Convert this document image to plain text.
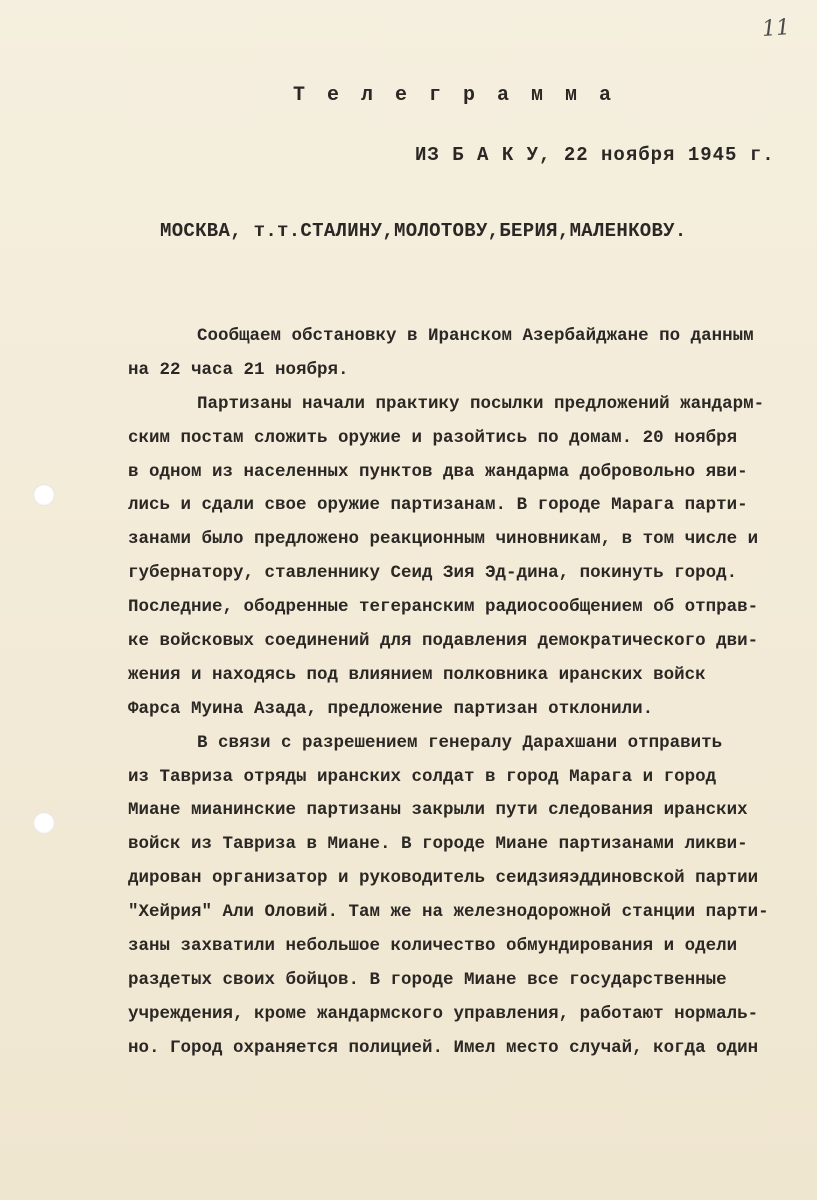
11
Т е л е г р а м м а
ИЗ Б А К У, 22 ноября 1945 г.
МОСКВА, т.т.СТАЛИНУ,МОЛОТОВУ,БЕРИЯ,МАЛЕНКОВУ.
Сообщаем обстановку в Иранском Азербайджане по данным
на 22 часа 21 ноября.
Партизаны начали практику посылки предложений жандарм-
ским постам сложить оружие и разойтись по домам. 20 ноября
в одном из населенных пунктов два жандарма добровольно яви-
лись и сдали свое оружие партизанам. В городе Марага парти-
занами было предложено реакционным чиновникам, в том числе и
губернатору, ставленнику Сеид Зия Эд-дина, покинуть город.
Последние, ободренные тегеранским радиосообщением об отправ-
ке войсковых соединений для подавления демократического дви-
жения и находясь под влиянием полковника иранских войск
Фарса Муина Азада, предложение партизан отклонили.
В связи с разрешением генералу Дарахшани отправить
из Тавриза отряды иранских солдат в город Марага и город
Миане мианинские партизаны закрыли пути следования иранских
войск из Тавриза в Миане. В городе Миане партизанами ликви-
дирован организатор и руководитель сеидзияэддиновской партии
"Хейрия" Али Оловий. Там же на железнодорожной станции парти-
заны захватили небольшое количество обмундирования и одели
раздетых своих бойцов. В городе Миане все государственные
учреждения, кроме жандармского управления, работают нормаль-
но. Город охраняется полицией. Имел место случай, когда один
